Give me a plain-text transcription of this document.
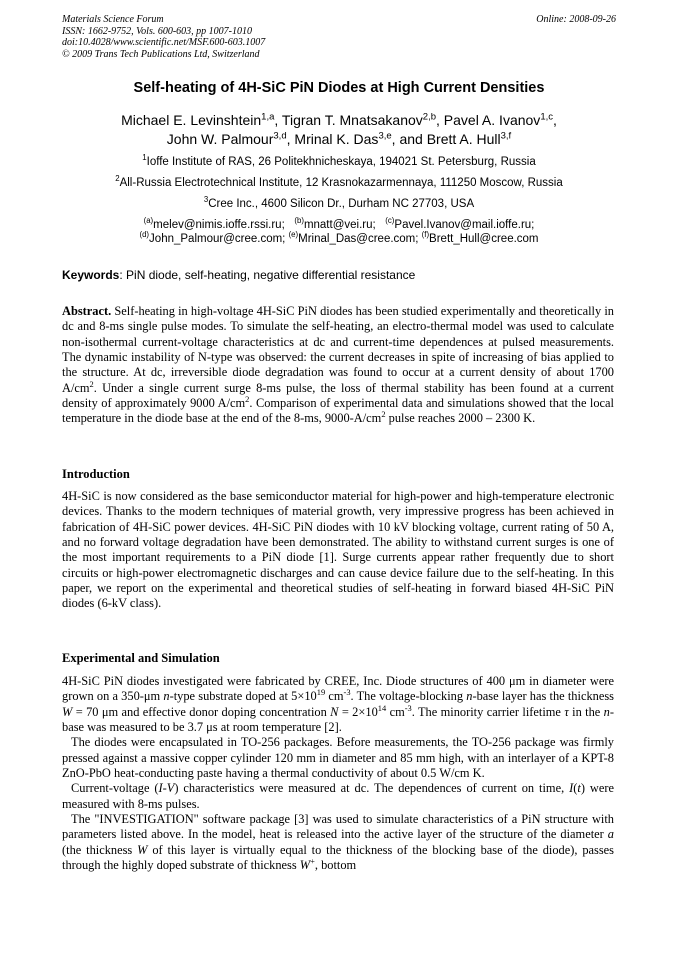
Materials Science Forum
ISSN: 1662-9752, Vols. 600-603, pp 1007-1010
doi:10.4028/www.scientific.net/MSF.600-603.1007
© 2009 Trans Tech Publications Ltd, Switzerland
Online: 2008-09-26
Self-heating of 4H-SiC PiN Diodes at High Current Densities
Michael E. Levinshtein$^{1,a}$, Tigran T. Mnatsakanov$^{2,b}$, Pavel A. Ivanov$^{1,c}$,
John W. Palmour$^{3,d}$, Mrinal K. Das$^{3,e}$, and Brett A. Hull$^{3,f}$
$^1$Ioffe Institute of RAS, 26 Politekhnicheskaya, 194021 St. Petersburg, Russia
$^2$All-Russia Electrotechnical Institute, 12 Krasnokazarmennaya, 111250 Moscow, Russia
$^3$Cree Inc., 4600 Silicon Dr., Durham NC 27703, USA
$^{(a)}$melev@nimis.ioffe.rssi.ru; $^{(b)}$mnatt@vei.ru; $^{(c)}$Pavel.Ivanov@mail.ioffe.ru;
$^{(d)}$John_Palmour@cree.com; $^{(e)}$Mrinal_Das@cree.com; $^{(f)}$Brett_Hull@cree.com
Keywords: PiN diode, self-heating, negative differential resistance

Abstract. Self-heating in high-voltage 4H-SiC PiN diodes has been studied experimentally and theoretically in dc and 8-ms single pulse modes. To simulate the self-heating, an electro-thermal model was used to calculate non-isothermal current-voltage characteristics at dc and current-time dependences at pulsed measurements. The dynamic instability of N-type was observed: the current decreases in spite of increasing of bias applied to the structure. At dc, irreversible diode degradation was found to occur at a current density of about 1700 $A/cm^2$. Under a single current surge 8-ms pulse, the loss of thermal stability has been found at a current density of approximately 9000 $A/cm^2$. Comparison of experimental data and simulations showed that the local temperature in the diode base at the end of the 8-ms, $9000-A/cm^2$ pulse reaches 2000 – 2300 K.

Introduction

4H-SiC is now considered as the base semiconductor material for high-power and high-temperature electronic devices. Thanks to the modern techniques of material growth, very impressive progress has been achieved in fabrication of 4H-SiC power devices. 4H-SiC PiN diodes with 10 kV blocking voltage, current rating of 50 A, and no forward voltage degradation have been demonstrated. The ability to withstand current surges is one of the most important requirements to a PiN diode [1]. Surge currents appear rather frequently due to short circuits or high-power electromagnetic discharges and can cause device failure due to the self-heating. In this paper, we report on the experimental and theoretical studies of self-heating in forward biased 4H-SiC PiN diodes (6-kV class).

Experimental and Simulation

4H-SiC PiN diodes investigated were fabricated by CREE, Inc. Diode structures of 400 μm in diameter were grown on a 350-μm n-type substrate doped at $5\times 10^{19}$ $cm^{-3}$. The voltage-blocking n-base layer has the thickness W = 70 μm and effective donor doping concentration $N = 2\times 10^{14}$ $cm^{-3}$. The minority carrier lifetime τ in the n-base was measured to be 3.7 μs at room temperature [2].

The diodes were encapsulated in TO-256 packages. Before measurements, the TO-256 package was firmly pressed against a massive copper cylinder 120 mm in diameter and 85 mm high, with an interlayer of a KPT-8 ZnO-PbO heat-conducting paste having a thermal conductivity of about 0.5 W/cm K.

Current-voltage (I-V) characteristics were measured at dc. The dependences of current on time, I(t) were measured with 8-ms pulses.

The "INVESTIGATION" software package [3] was used to simulate characteristics of a PiN structure with parameters listed above. In the model, heat is released into the active layer of the structure of the diameter a (the thickness W of this layer is virtually equal to the thickness of the blocking base of the diode), passes through the highly doped substrate of thickness W+, bottom
